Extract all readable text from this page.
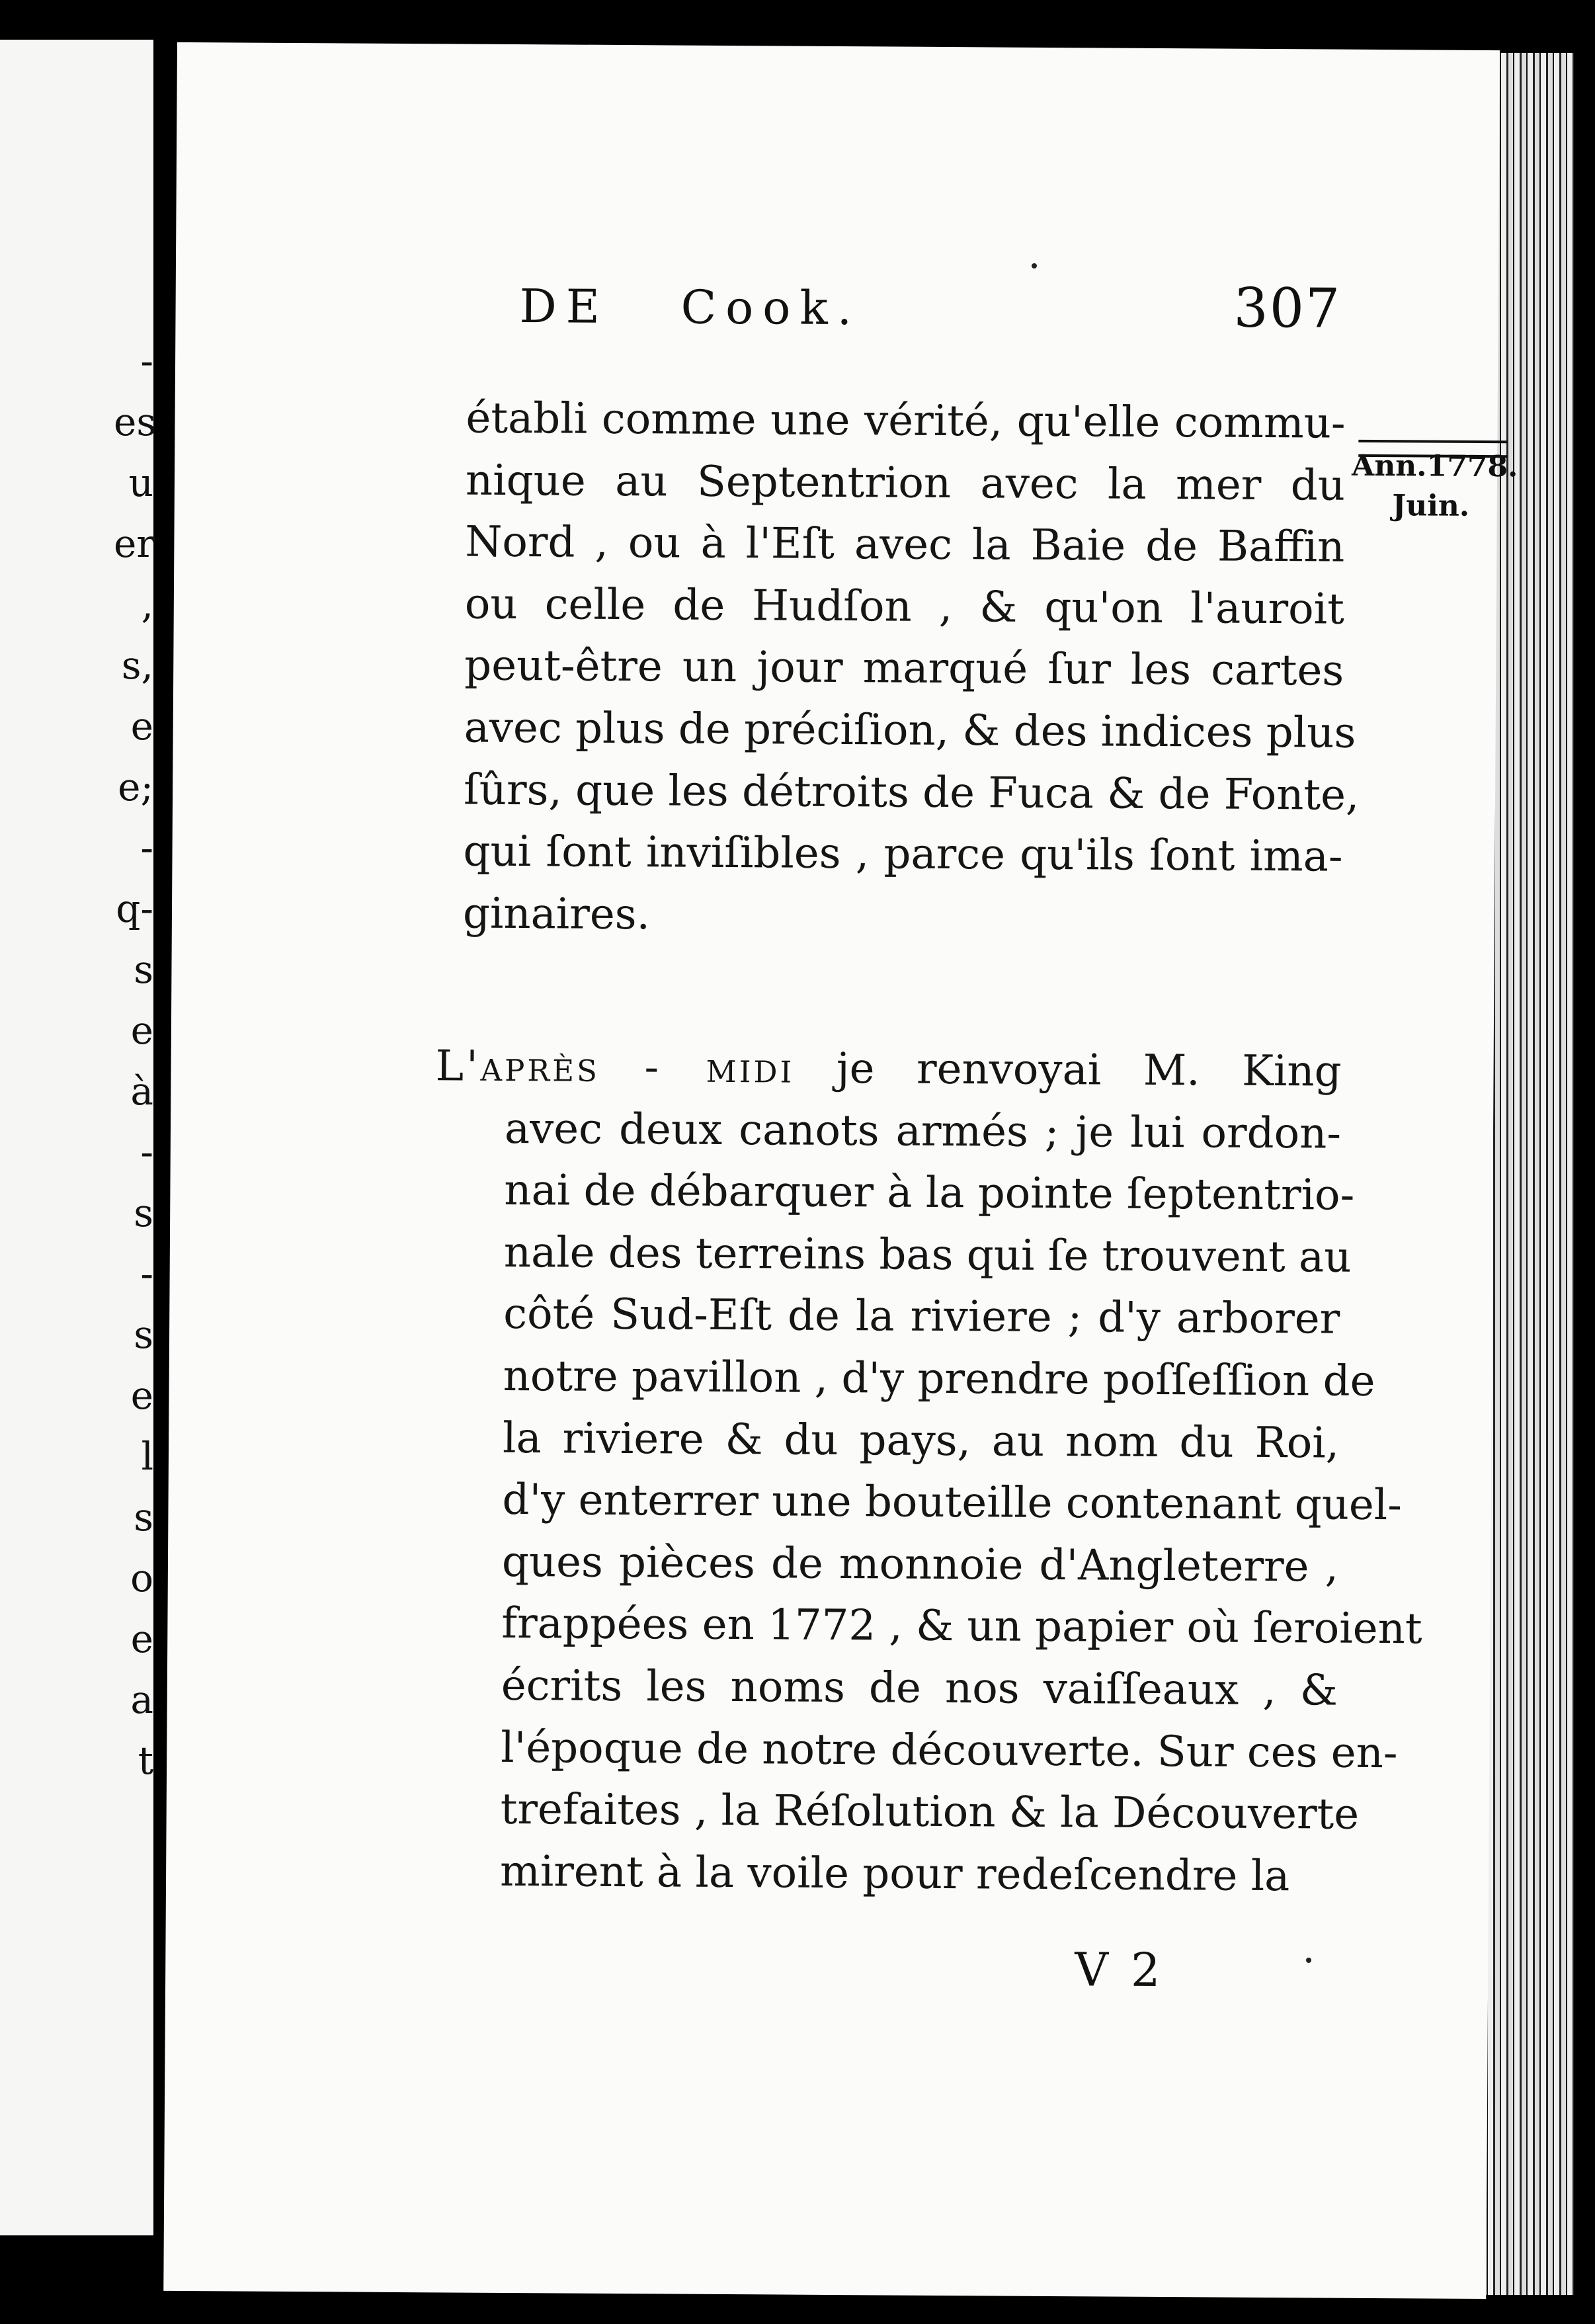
-
es
u
er
,
s,
e
e;
-
q-
s
e
à
-
s
-
s
e
l
s
o
e
a
t
DE Cook.	307
Ann.1778.
Juin.
établi comme une vérité, qu'elle commu-
nique au Septentrion avec la mer du
Nord , ou à l'Eſt avec la Baie de Baffin
ou celle de Hudſon , & qu'on l'auroit
peut-être un jour marqué ſur les cartes
avec plus de préciſion, & des indices plus
ſûrs, que les détroits de Fuca & de Fonte,
qui ſont inviſibles , parce qu'ils ſont ima-
ginaires.
L'après - midi je renvoyai M. King
avec deux canots armés ; je lui ordon-
nai de débarquer à la pointe ſeptentrio-
nale des terreins bas qui ſe trouvent au
côté Sud-Eſt de la riviere ; d'y arborer
notre pavillon , d'y prendre poſſeſſion de
la riviere & du pays, au nom du Roi,
d'y enterrer une bouteille contenant quel-
ques pièces de monnoie d'Angleterre ,
frappées en 1772 , & un papier où ſeroient
écrits les noms de nos vaiſſeaux , &
l'époque de notre découverte. Sur ces en-
trefaites , la Réſolution & la Découverte
mirent à la voile pour redeſcendre la
V 2
